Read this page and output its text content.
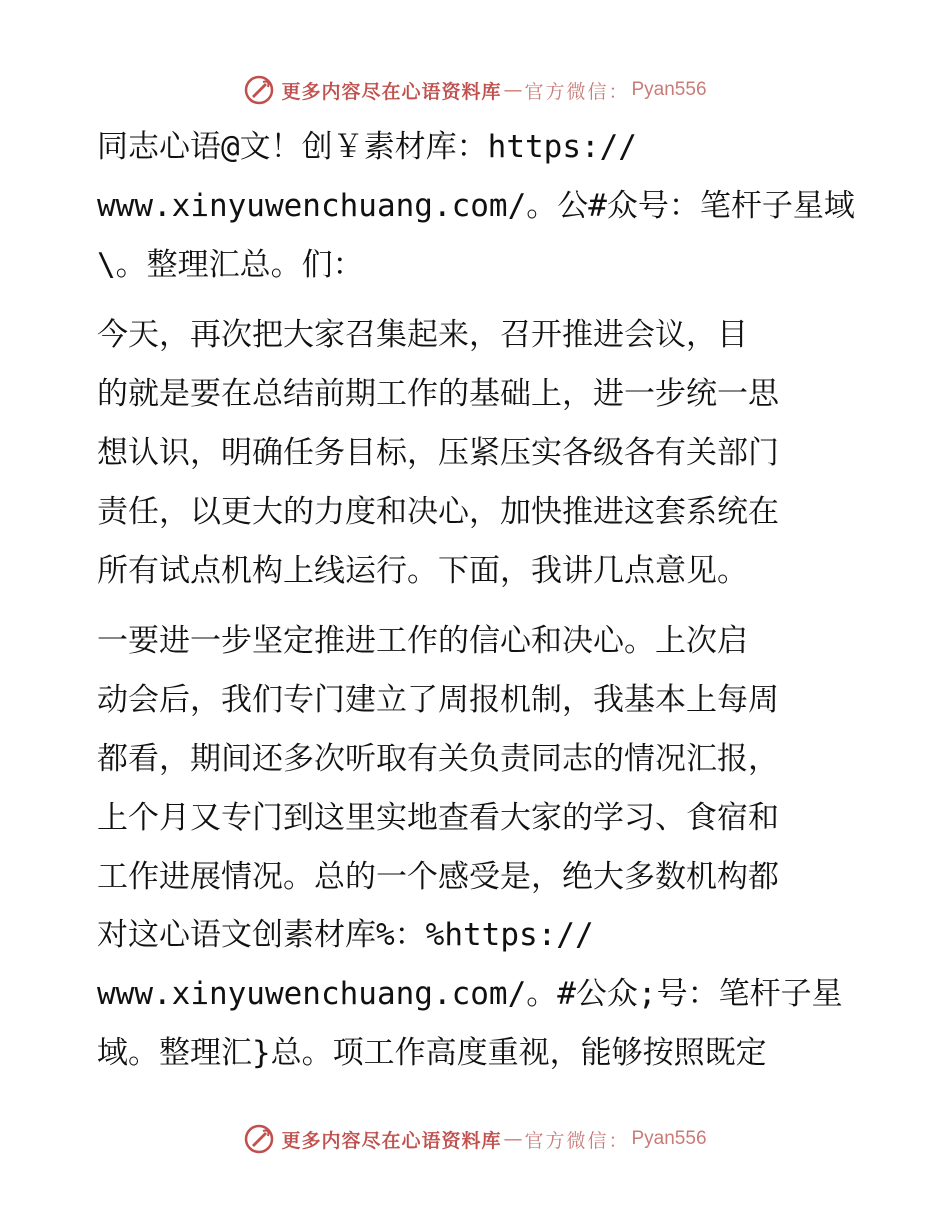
更多内容尽在心语资料库 — 官方微信： Pyan556

同志心语@文！创￥素材库：https://
www.xinyuwenchuang.com/。公#众号：笔杆子星域
\。整理汇总。们：

今天，再次把大家召集起来，召开推进会议，目
的就是要在总结前期工作的基础上，进一步统一思
想认识，明确任务目标，压紧压实各级各有关部门
责任，以更大的力度和决心，加快推进这套系统在
所有试点机构上线运行。下面，我讲几点意见。

一要进一步坚定推进工作的信心和决心。上次启
动会后，我们专门建立了周报机制，我基本上每周
都看，期间还多次听取有关负责同志的情况汇报，
上个月又专门到这里实地查看大家的学习、食宿和
工作进展情况。总的一个感受是，绝大多数机构都
对这心语文创素材库%：%https://
www.xinyuwenchuang.com/。#公众;号：笔杆子星
域。整理汇}总。项工作高度重视，能够按照既定

更多内容尽在心语资料库 — 官方微信： Pyan556
